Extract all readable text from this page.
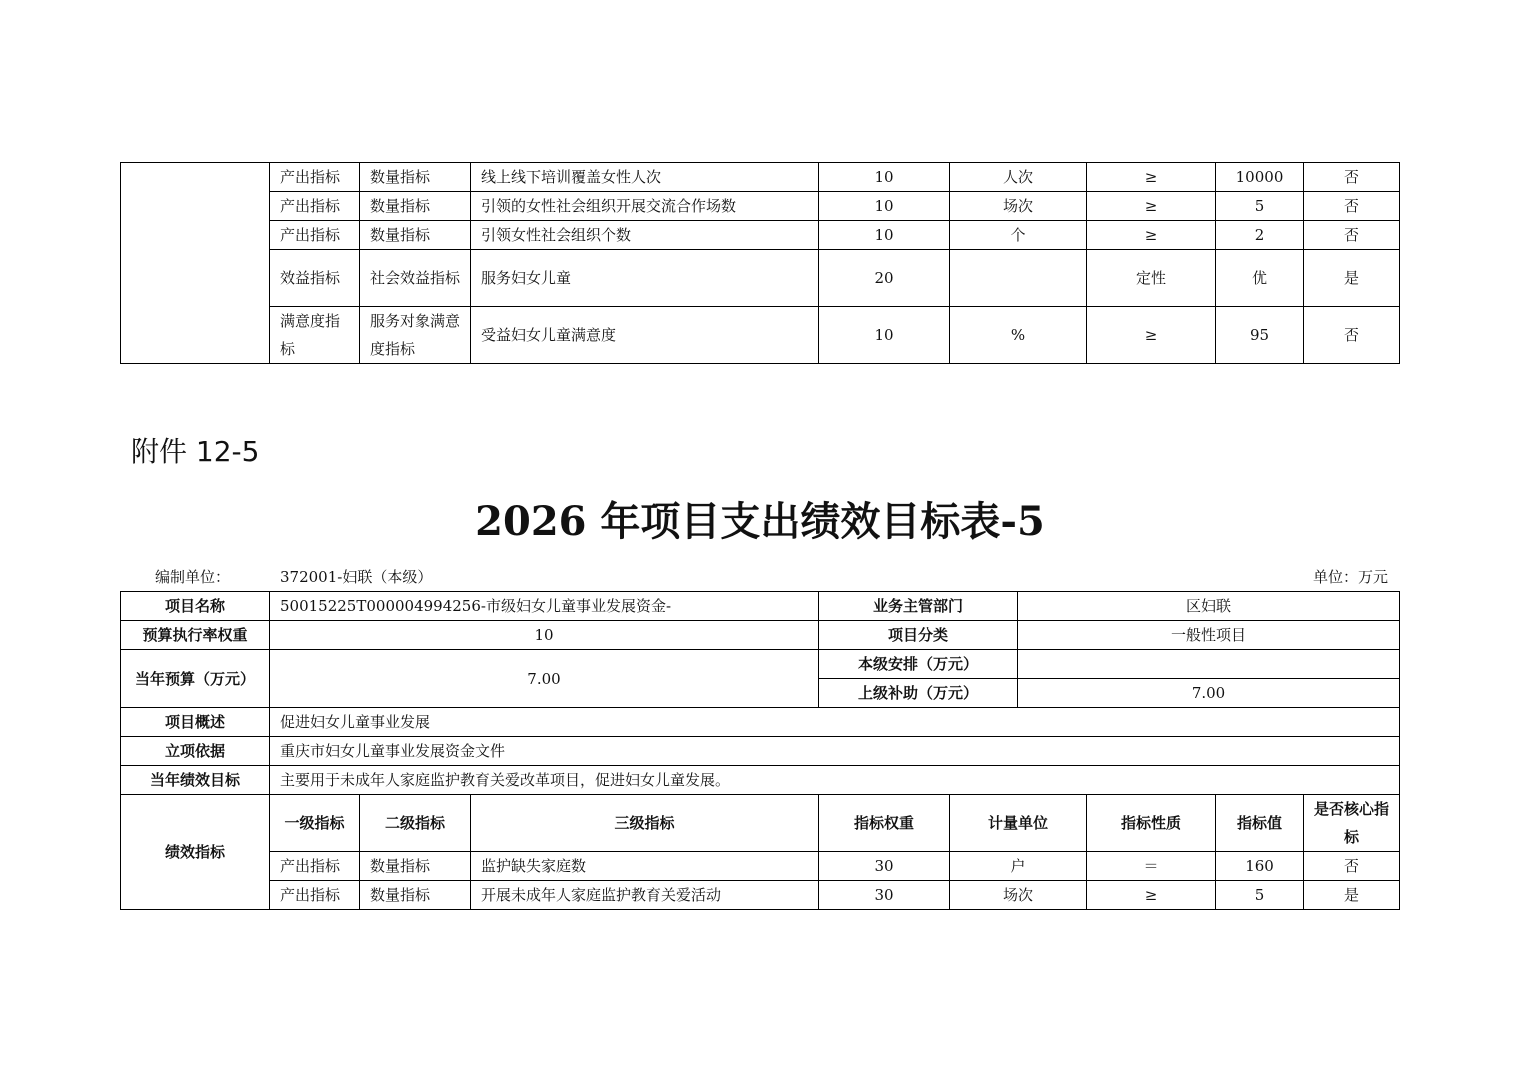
	产出指标	数量指标	线上线下培训覆盖女性人次	10	人次	≥	10000	否
	产出指标	数量指标	引领的女性社会组织开展交流合作场数	10	场次	≥	5	否
	产出指标	数量指标	引领女性社会组织个数	10	个	≥	2	否
	效益指标	社会效益指标	服务妇女儿童	20		定性	优	是
	满意度指标	服务对象满意度指标	受益妇女儿童满意度	10	%	≥	95	否
附件 12-5
2026 年项目支出绩效目标表-5
编制单位：	372001-妇联（本级）	单位：万元
项目名称	50015225T000004994256-市级妇女儿童事业发展资金-			业务主管部门		区妇联			
预算执行率权重	10			项目分类		一般性项目			
当年预算（万元）	7.00			本级安排（万元）					
				上级补助（万元）		7.00			
项目概述	促进妇女儿童事业发展								
立项依据	重庆市妇女儿童事业发展资金文件								
当年绩效目标	主要用于未成年人家庭监护教育关爱改革项目，促进妇女儿童发展。								
绩效指标	一级指标	二级指标	三级指标	指标权重	计量单位		指标性质	指标值	是否核心指标
	产出指标	数量指标	监护缺失家庭数	30	户		＝	160	否
	产出指标	数量指标	开展未成年人家庭监护教育关爱活动	30	场次		≥	5	是
